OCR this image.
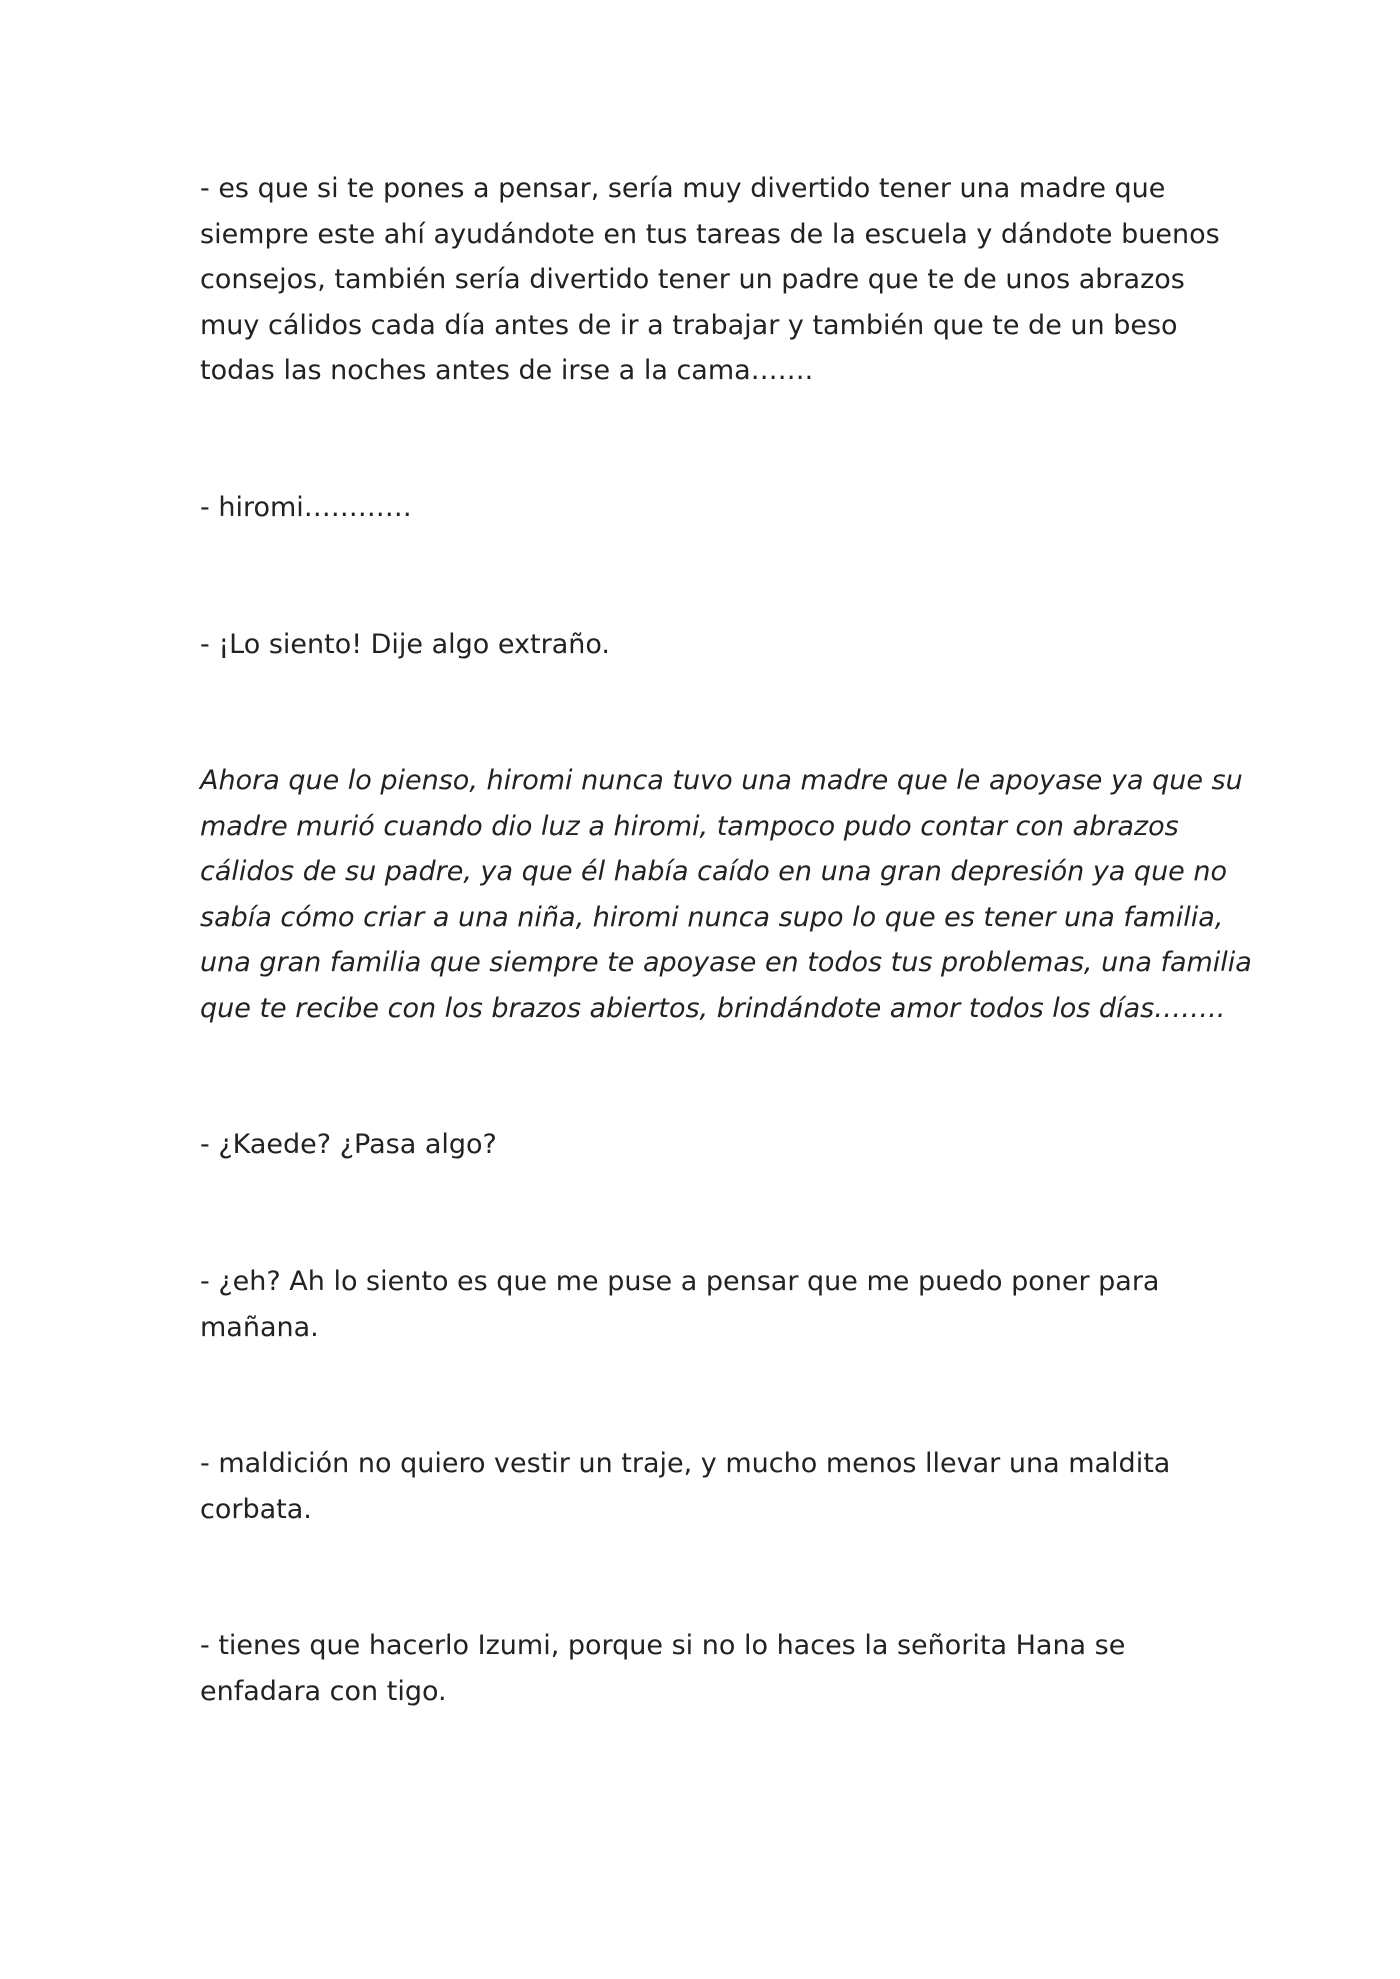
- es que si te pones a pensar, sería muy divertido tener una madre que
siempre este ahí ayudándote en tus tareas de la escuela y dándote buenos
consejos, también sería divertido tener un padre que te de unos abrazos
muy cálidos cada día antes de ir a trabajar y también que te de un beso
todas las noches antes de irse a la cama…….

- hiromi…………

- ¡Lo siento! Dije algo extraño.

Ahora que lo pienso, hiromi nunca tuvo una madre que le apoyase ya que su
madre murió cuando dio luz a hiromi, tampoco pudo contar con abrazos
cálidos de su padre, ya que él había caído en una gran depresión ya que no
sabía cómo criar a una niña, hiromi nunca supo lo que es tener una familia,
una gran familia que siempre te apoyase en todos tus problemas, una familia
que te recibe con los brazos abiertos, brindándote amor todos los días……..

- ¿Kaede? ¿Pasa algo?

- ¿eh? Ah lo siento es que me puse a pensar que me puedo poner para
mañana.

- maldición no quiero vestir un traje, y mucho menos llevar una maldita
corbata.

- tienes que hacerlo Izumi, porque si no lo haces la señorita Hana se
enfadara con tigo.
